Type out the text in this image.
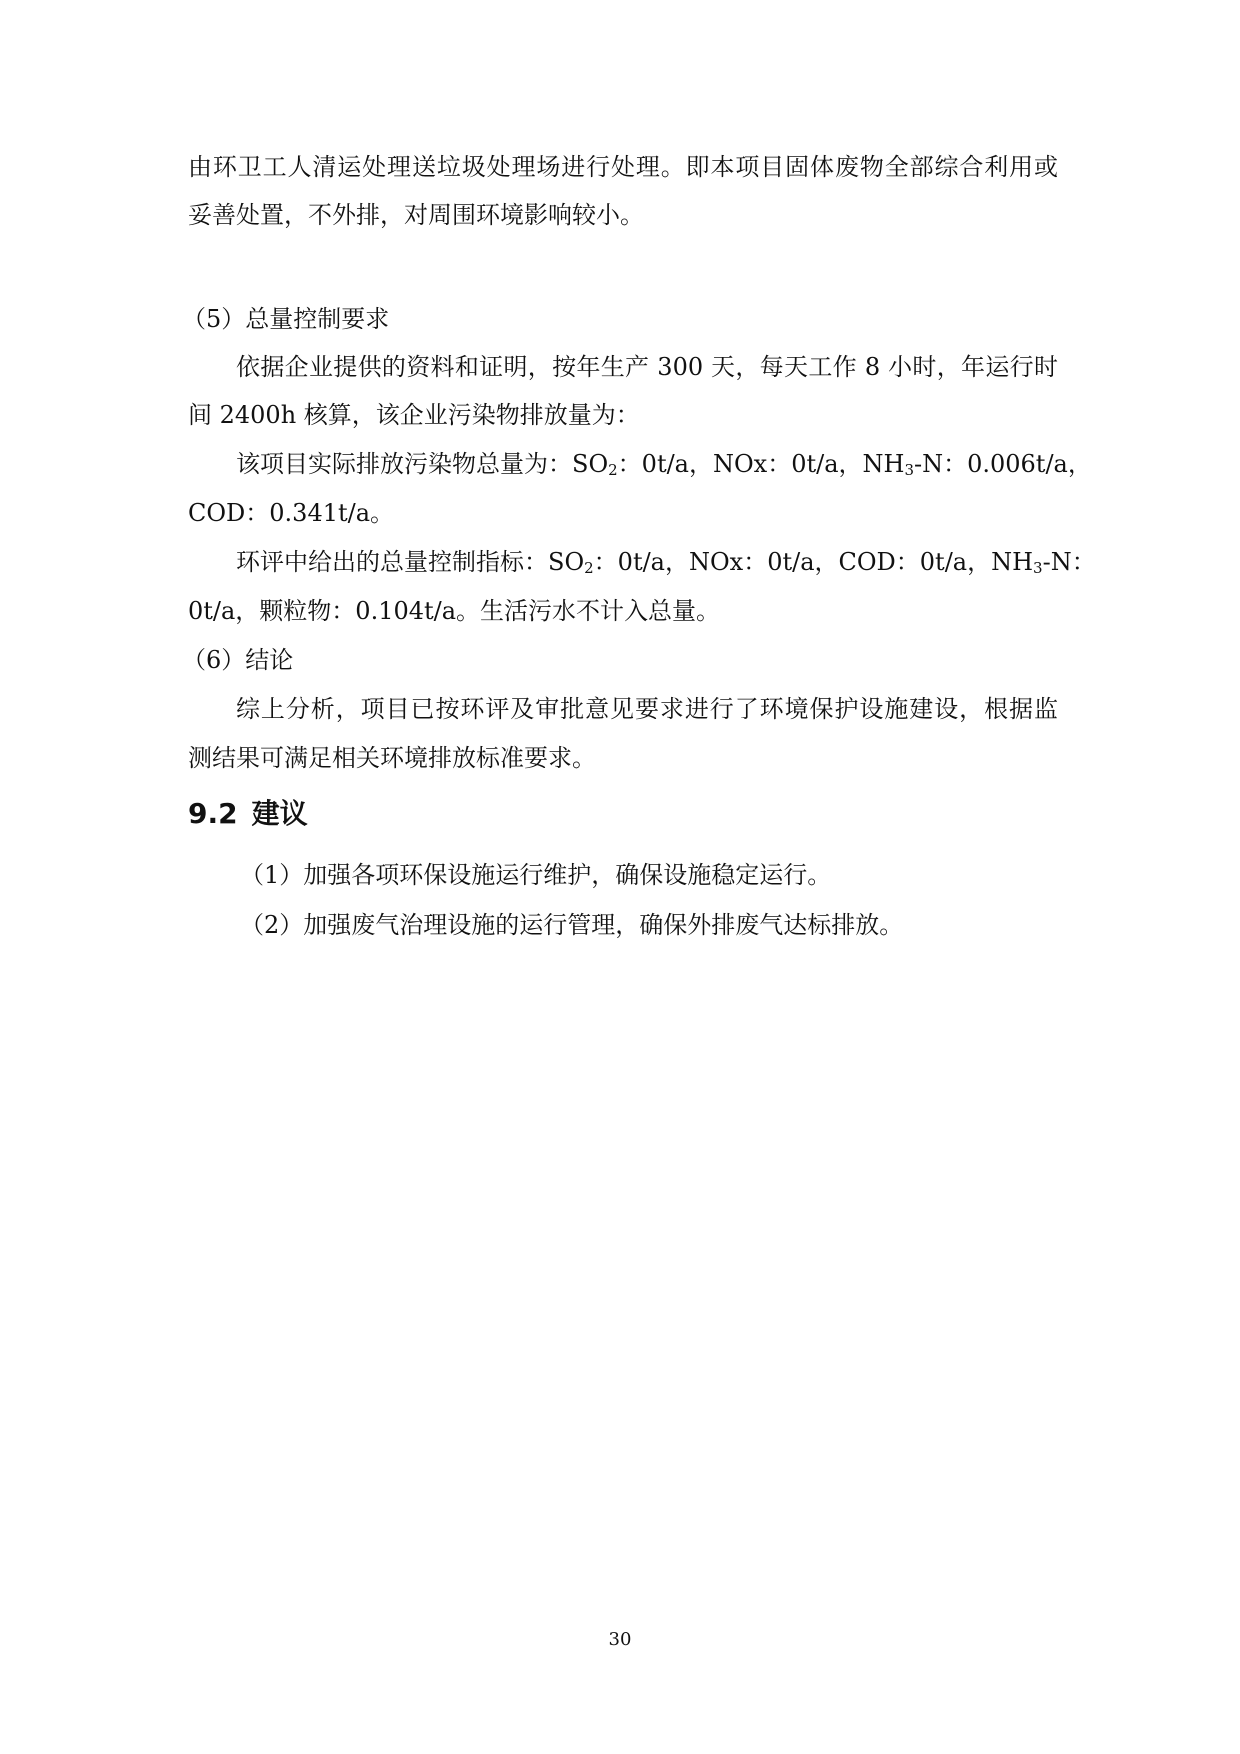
由环卫工人清运处理送垃圾处理场进行处理。即本项目固体废物全部综合利用或
妥善处置，不外排，对周围环境影响较小。
（5）总量控制要求
依据企业提供的资料和证明，按年生产 300 天，每天工作 8 小时，年运行时
间 2400h 核算，该企业污染物排放量为：
该项目实际排放污染物总量为：$SO_2$：0t/a，NOx：0t/a，$NH_3-N$：0.006t/a，
COD：0.341t/a。
环评中给出的总量控制指标：$SO_2$：0t/a，NOx：0t/a，COD：0t/a，$NH_3-N$：
0t/a，颗粒物：0.104t/a。生活污水不计入总量。
（6）结论
综上分析，项目已按环评及审批意见要求进行了环境保护设施建设，根据监
测结果可满足相关环境排放标准要求。
9.2 建议
（1）加强各项环保设施运行维护，确保设施稳定运行。
（2）加强废气治理设施的运行管理，确保外排废气达标排放。
30
